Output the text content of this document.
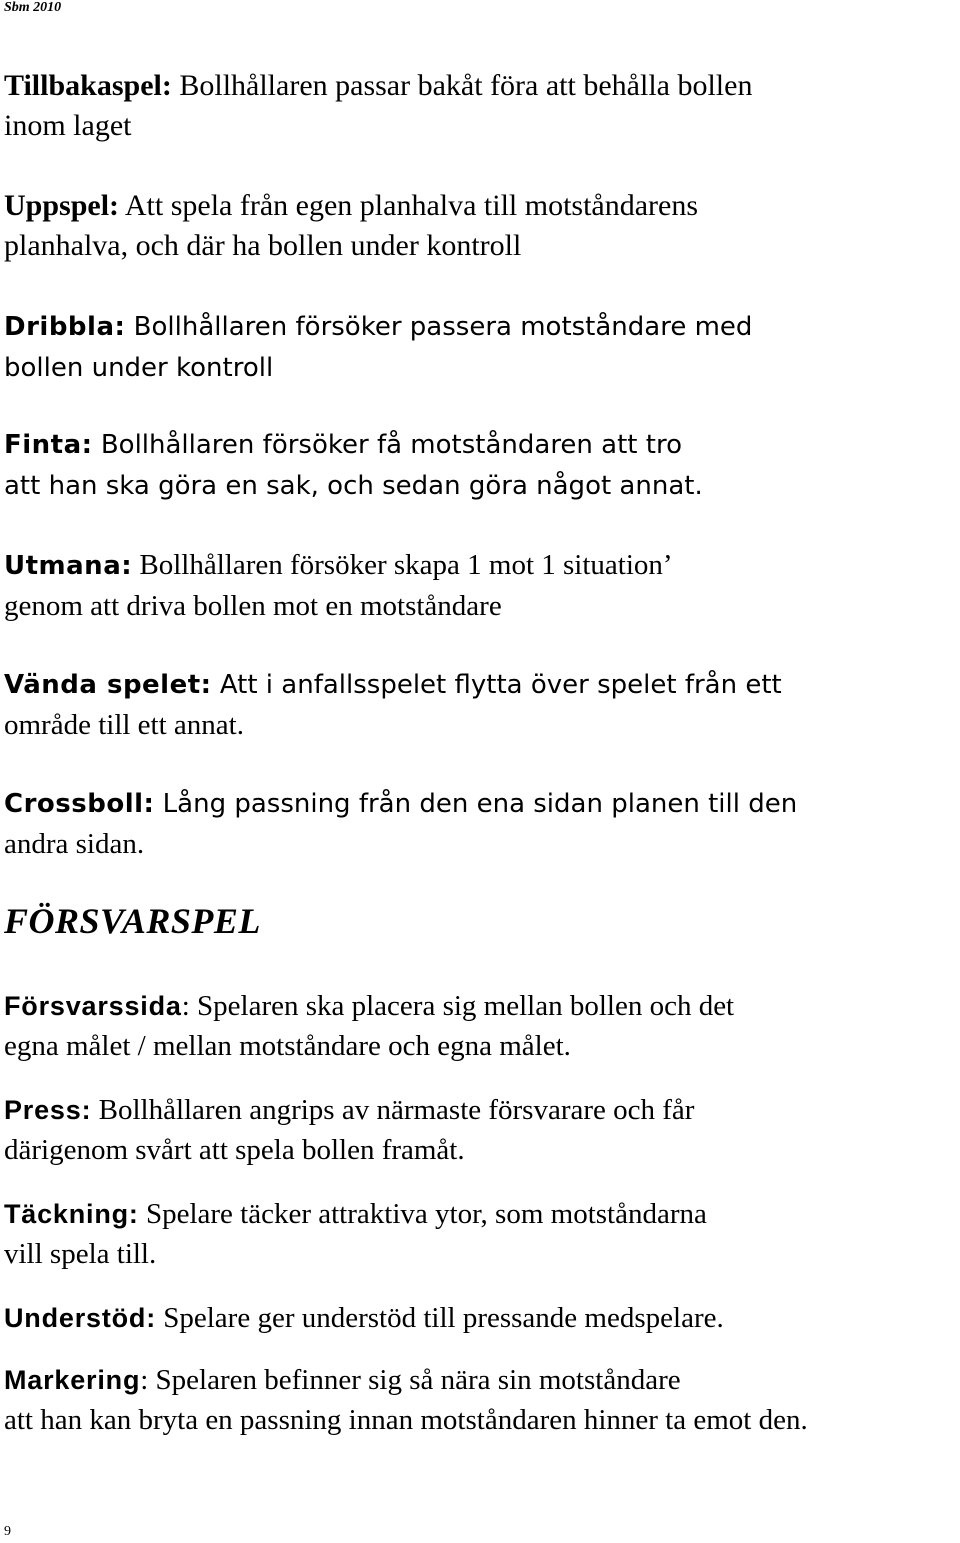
Sbm 2010
Tillbakaspel: Bollhållaren passar bakåt föra att behålla bollen
inom laget
Uppspel: Att spela från egen planhalva till motståndarens
planhalva, och där ha bollen under kontroll
Dribbla: Bollhållaren försöker passera motståndare med
bollen under kontroll
Finta: Bollhållaren försöker få motståndaren att tro
att han ska göra en sak, och sedan göra något annat.
Utmana: Bollhållaren försöker skapa 1 mot 1 situation’
genom att driva bollen mot en motståndare
Vända spelet: Att i anfallsspelet flytta över spelet från ett
område till ett annat.
Crossboll: Lång passning från den ena sidan planen till den
andra sidan.
FÖRSVARSPEL
Försvarssida: Spelaren ska placera sig mellan bollen och det
egna målet / mellan motståndare och egna målet.
Press: Bollhållaren angrips av närmaste försvarare och får
därigenom svårt att spela bollen framåt.
Täckning: Spelare täcker attraktiva ytor, som motståndarna
vill spela till.
Understöd: Spelare ger understöd till pressande medspelare.
Markering: Spelaren befinner sig så nära sin motståndare
att han kan bryta en passning innan motståndaren hinner ta emot den.
9
